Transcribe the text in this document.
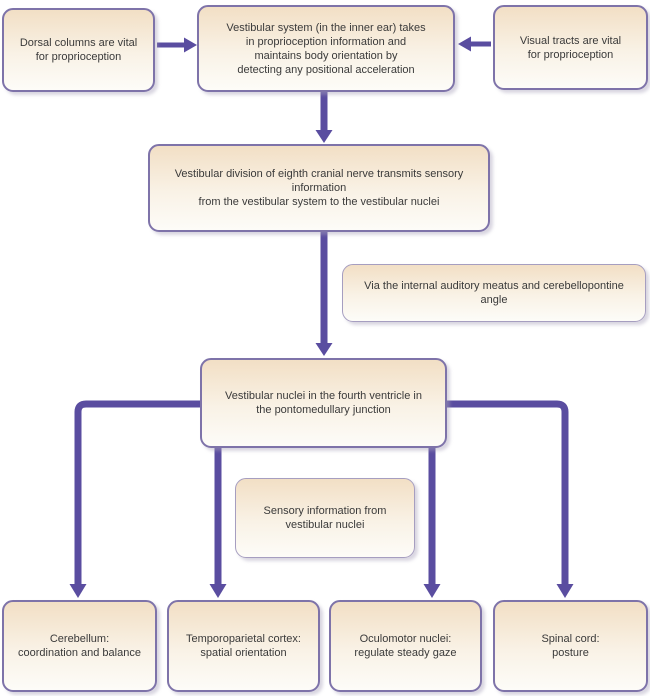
Dorsal columns are vital
for proprioception
Vestibular system (in the inner ear) takes
in proprioception information and
maintains body orientation by
detecting any positional acceleration
Visual tracts are vital
for proprioception
Vestibular division of eighth cranial nerve transmits sensory information
from the vestibular system to the vestibular nuclei
Via the internal auditory meatus and cerebellopontine angle
Vestibular nuclei in the fourth ventricle in
the pontomedullary junction
Sensory information from
vestibular nuclei
Cerebellum:
coordination and balance
Temporoparietal cortex:
spatial orientation
Oculomotor nuclei:
regulate steady gaze
Spinal cord:
posture
